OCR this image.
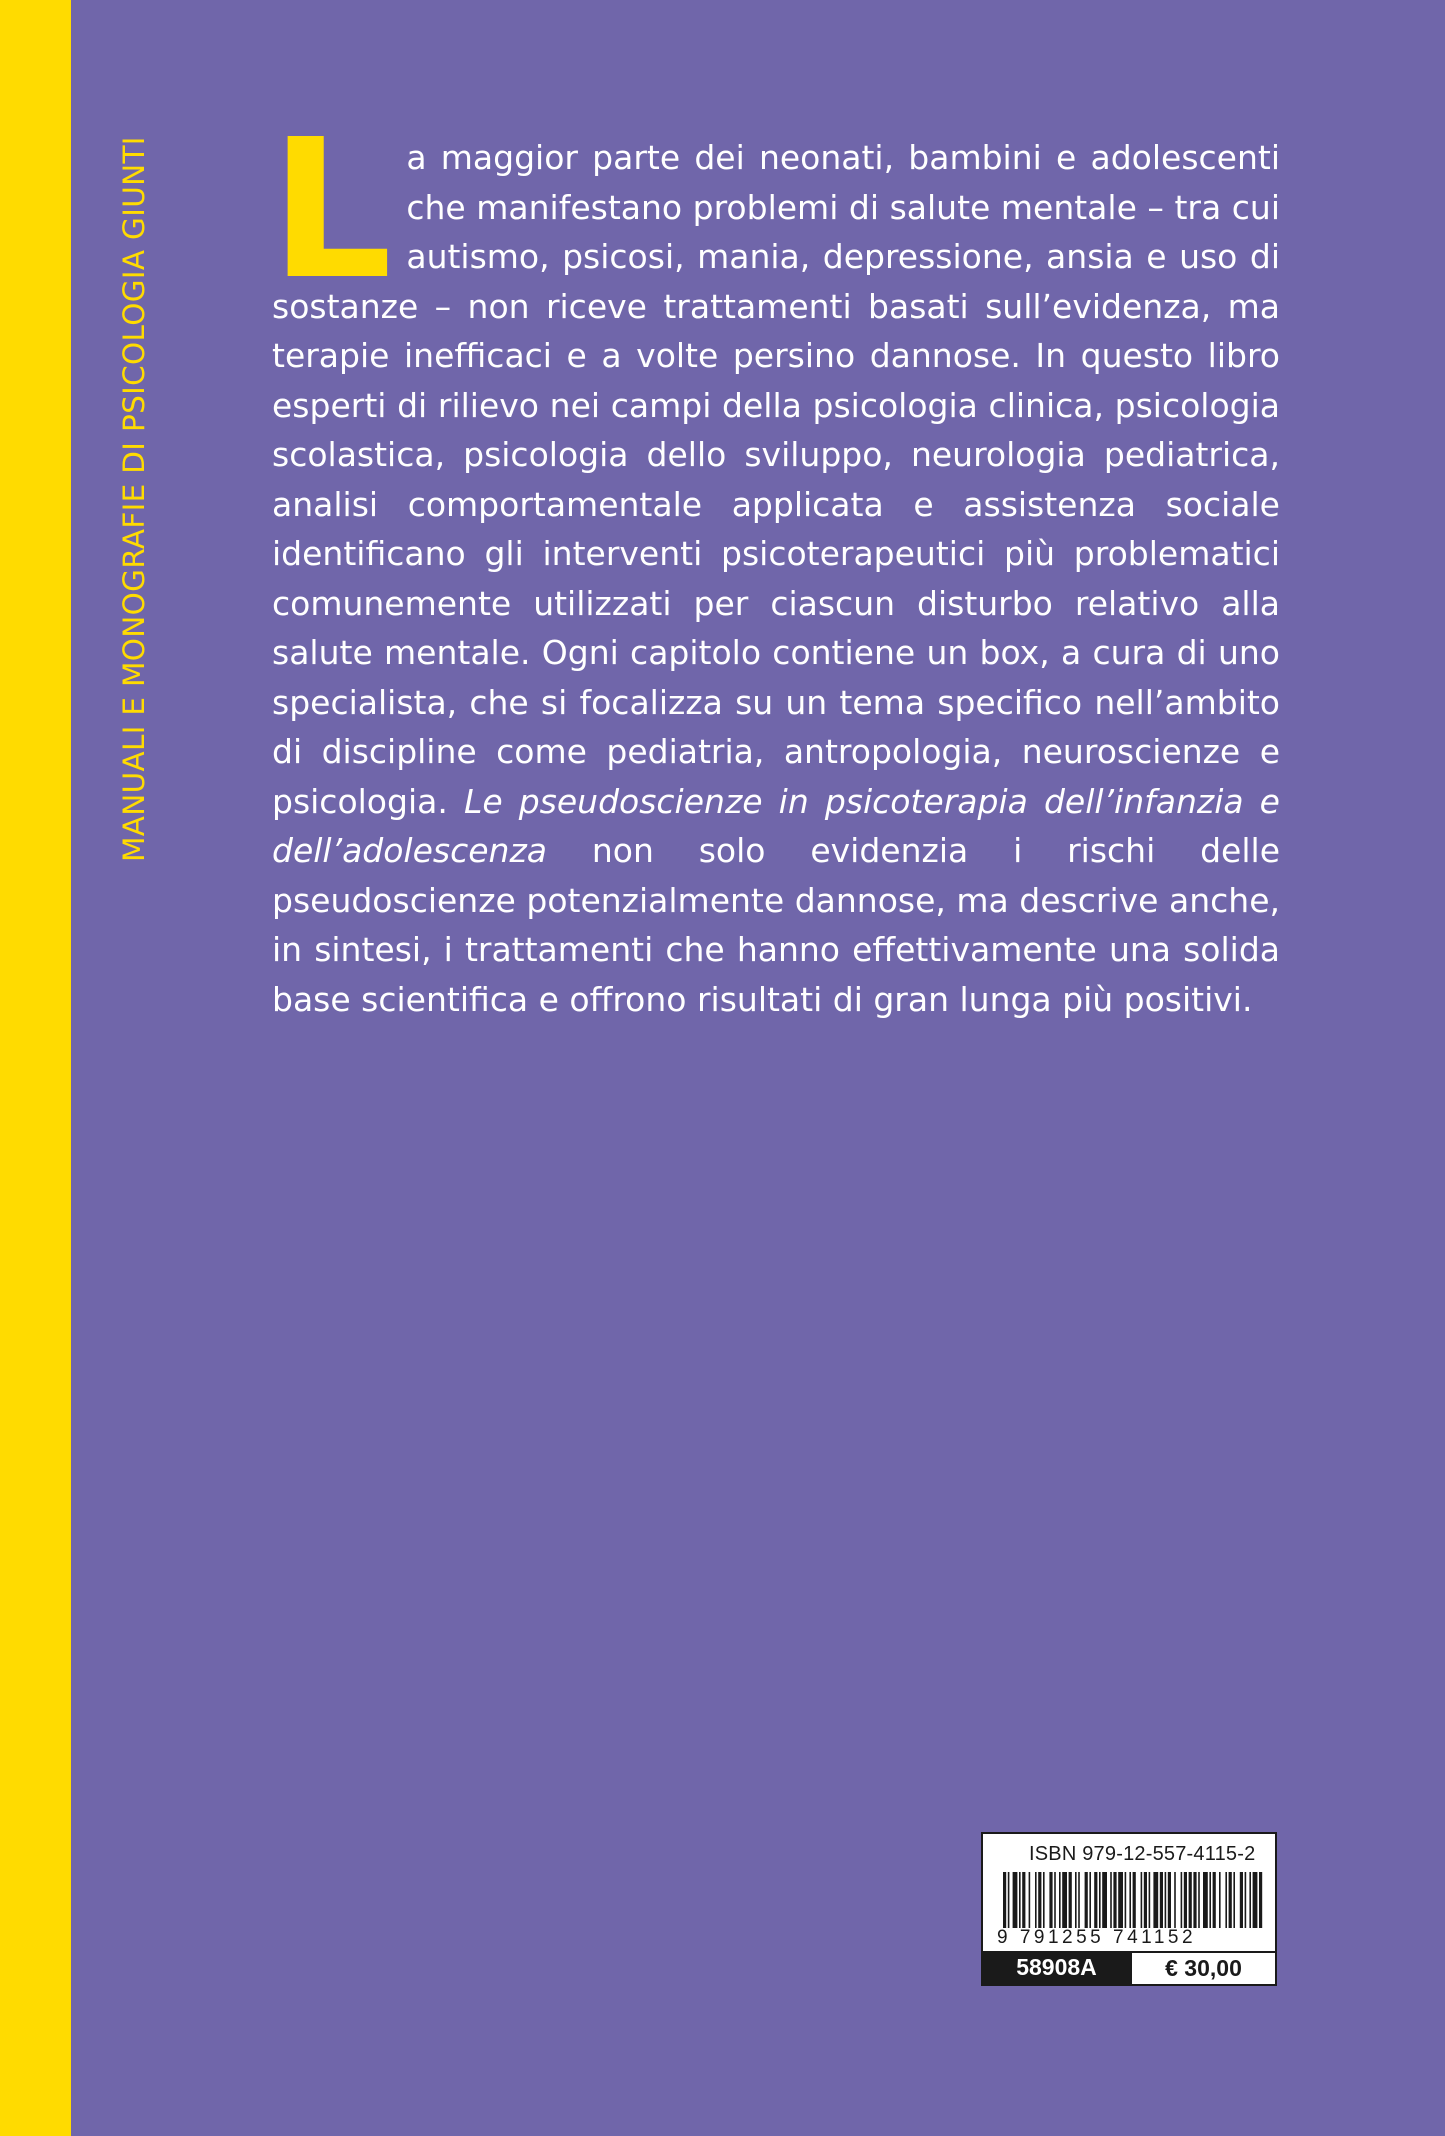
MANUALI E MONOGRAFIE DI PSICOLOGIA GIUNTI La maggior parte dei neonati, bambini e adolescenti che manifestano problemi di salute mentale – tra cui autismo, psicosi, mania, depressione, ansia e uso di sostanze – non riceve trattamenti basati sull’evidenza, ma terapie inefficaci e a volte persino dannose. In questo libro esperti di rilievo nei campi della psicologia clinica, psicologia scolastica, psicologia dello sviluppo, neurologia pediatrica, analisi comportamentale applicata e assistenza sociale identificano gli interventi psicoterapeutici più problematici comunemente utilizzati per ciascun disturbo relativo alla salute mentale. Ogni capitolo contiene un box, a cura di uno specialista, che si focalizza su un tema specifico nell’ambito di discipline come pediatria, antropologia, neuroscienze e psicologia. Le pseudoscienze in psicoterapia dell’infanzia e dell’adolescenza non solo evidenzia i rischi delle pseudoscienze potenzialmente dannose, ma descrive anche, in sintesi, i trattamenti che hanno effettivamente una solida base scientifica e offrono risultati di gran lunga più positivi.

ISBN 979-12-557-4115-2
9 791255 741152
58908A	€ 30,00
